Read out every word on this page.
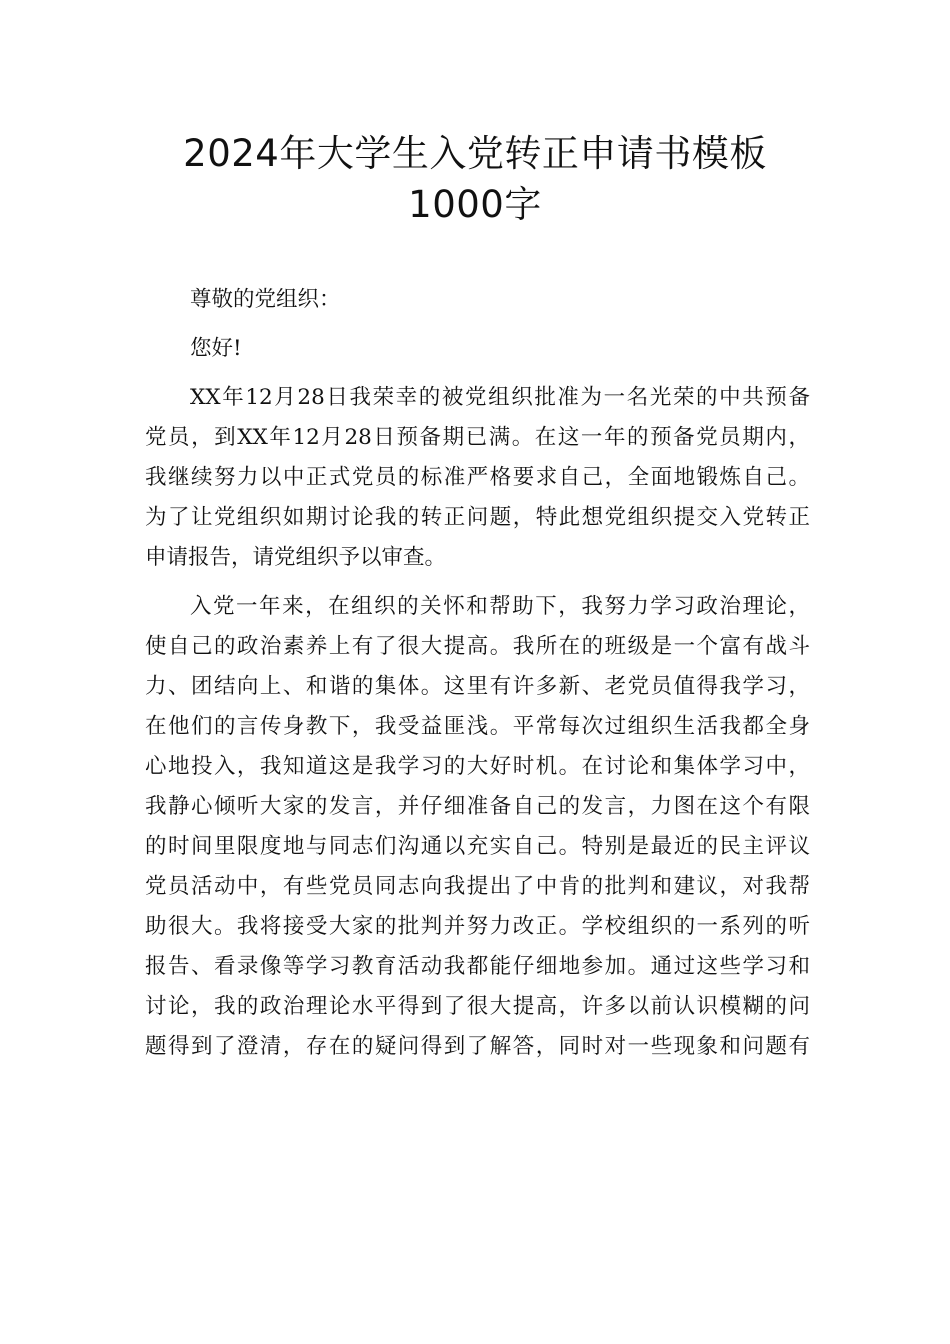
2024年大学生入党转正申请书模板
1000字
尊敬的党组织：
您好!
XX年12月28日我荣幸的被党组织批准为一名光荣的中共预备
党员，到XX年12月28日预备期已满。在这一年的预备党员期内，
我继续努力以中正式党员的标准严格要求自己，全面地锻炼自己。
为了让党组织如期讨论我的转正问题，特此想党组织提交入党转正
申请报告，请党组织予以审查。
入党一年来，在组织的关怀和帮助下，我努力学习政治理论，
使自己的政治素养上有了很大提高。我所在的班级是一个富有战斗
力、团结向上、和谐的集体。这里有许多新、老党员值得我学习，
在他们的言传身教下，我受益匪浅。平常每次过组织生活我都全身
心地投入，我知道这是我学习的大好时机。在讨论和集体学习中，
我静心倾听大家的发言，并仔细准备自己的发言，力图在这个有限
的时间里限度地与同志们沟通以充实自己。特别是最近的民主评议
党员活动中，有些党员同志向我提出了中肯的批判和建议，对我帮
助很大。我将接受大家的批判并努力改正。学校组织的一系列的听
报告、看录像等学习教育活动我都能仔细地参加。通过这些学习和
讨论，我的政治理论水平得到了很大提高，许多以前认识模糊的问
题得到了澄清，存在的疑问得到了解答，同时对一些现象和问题有
